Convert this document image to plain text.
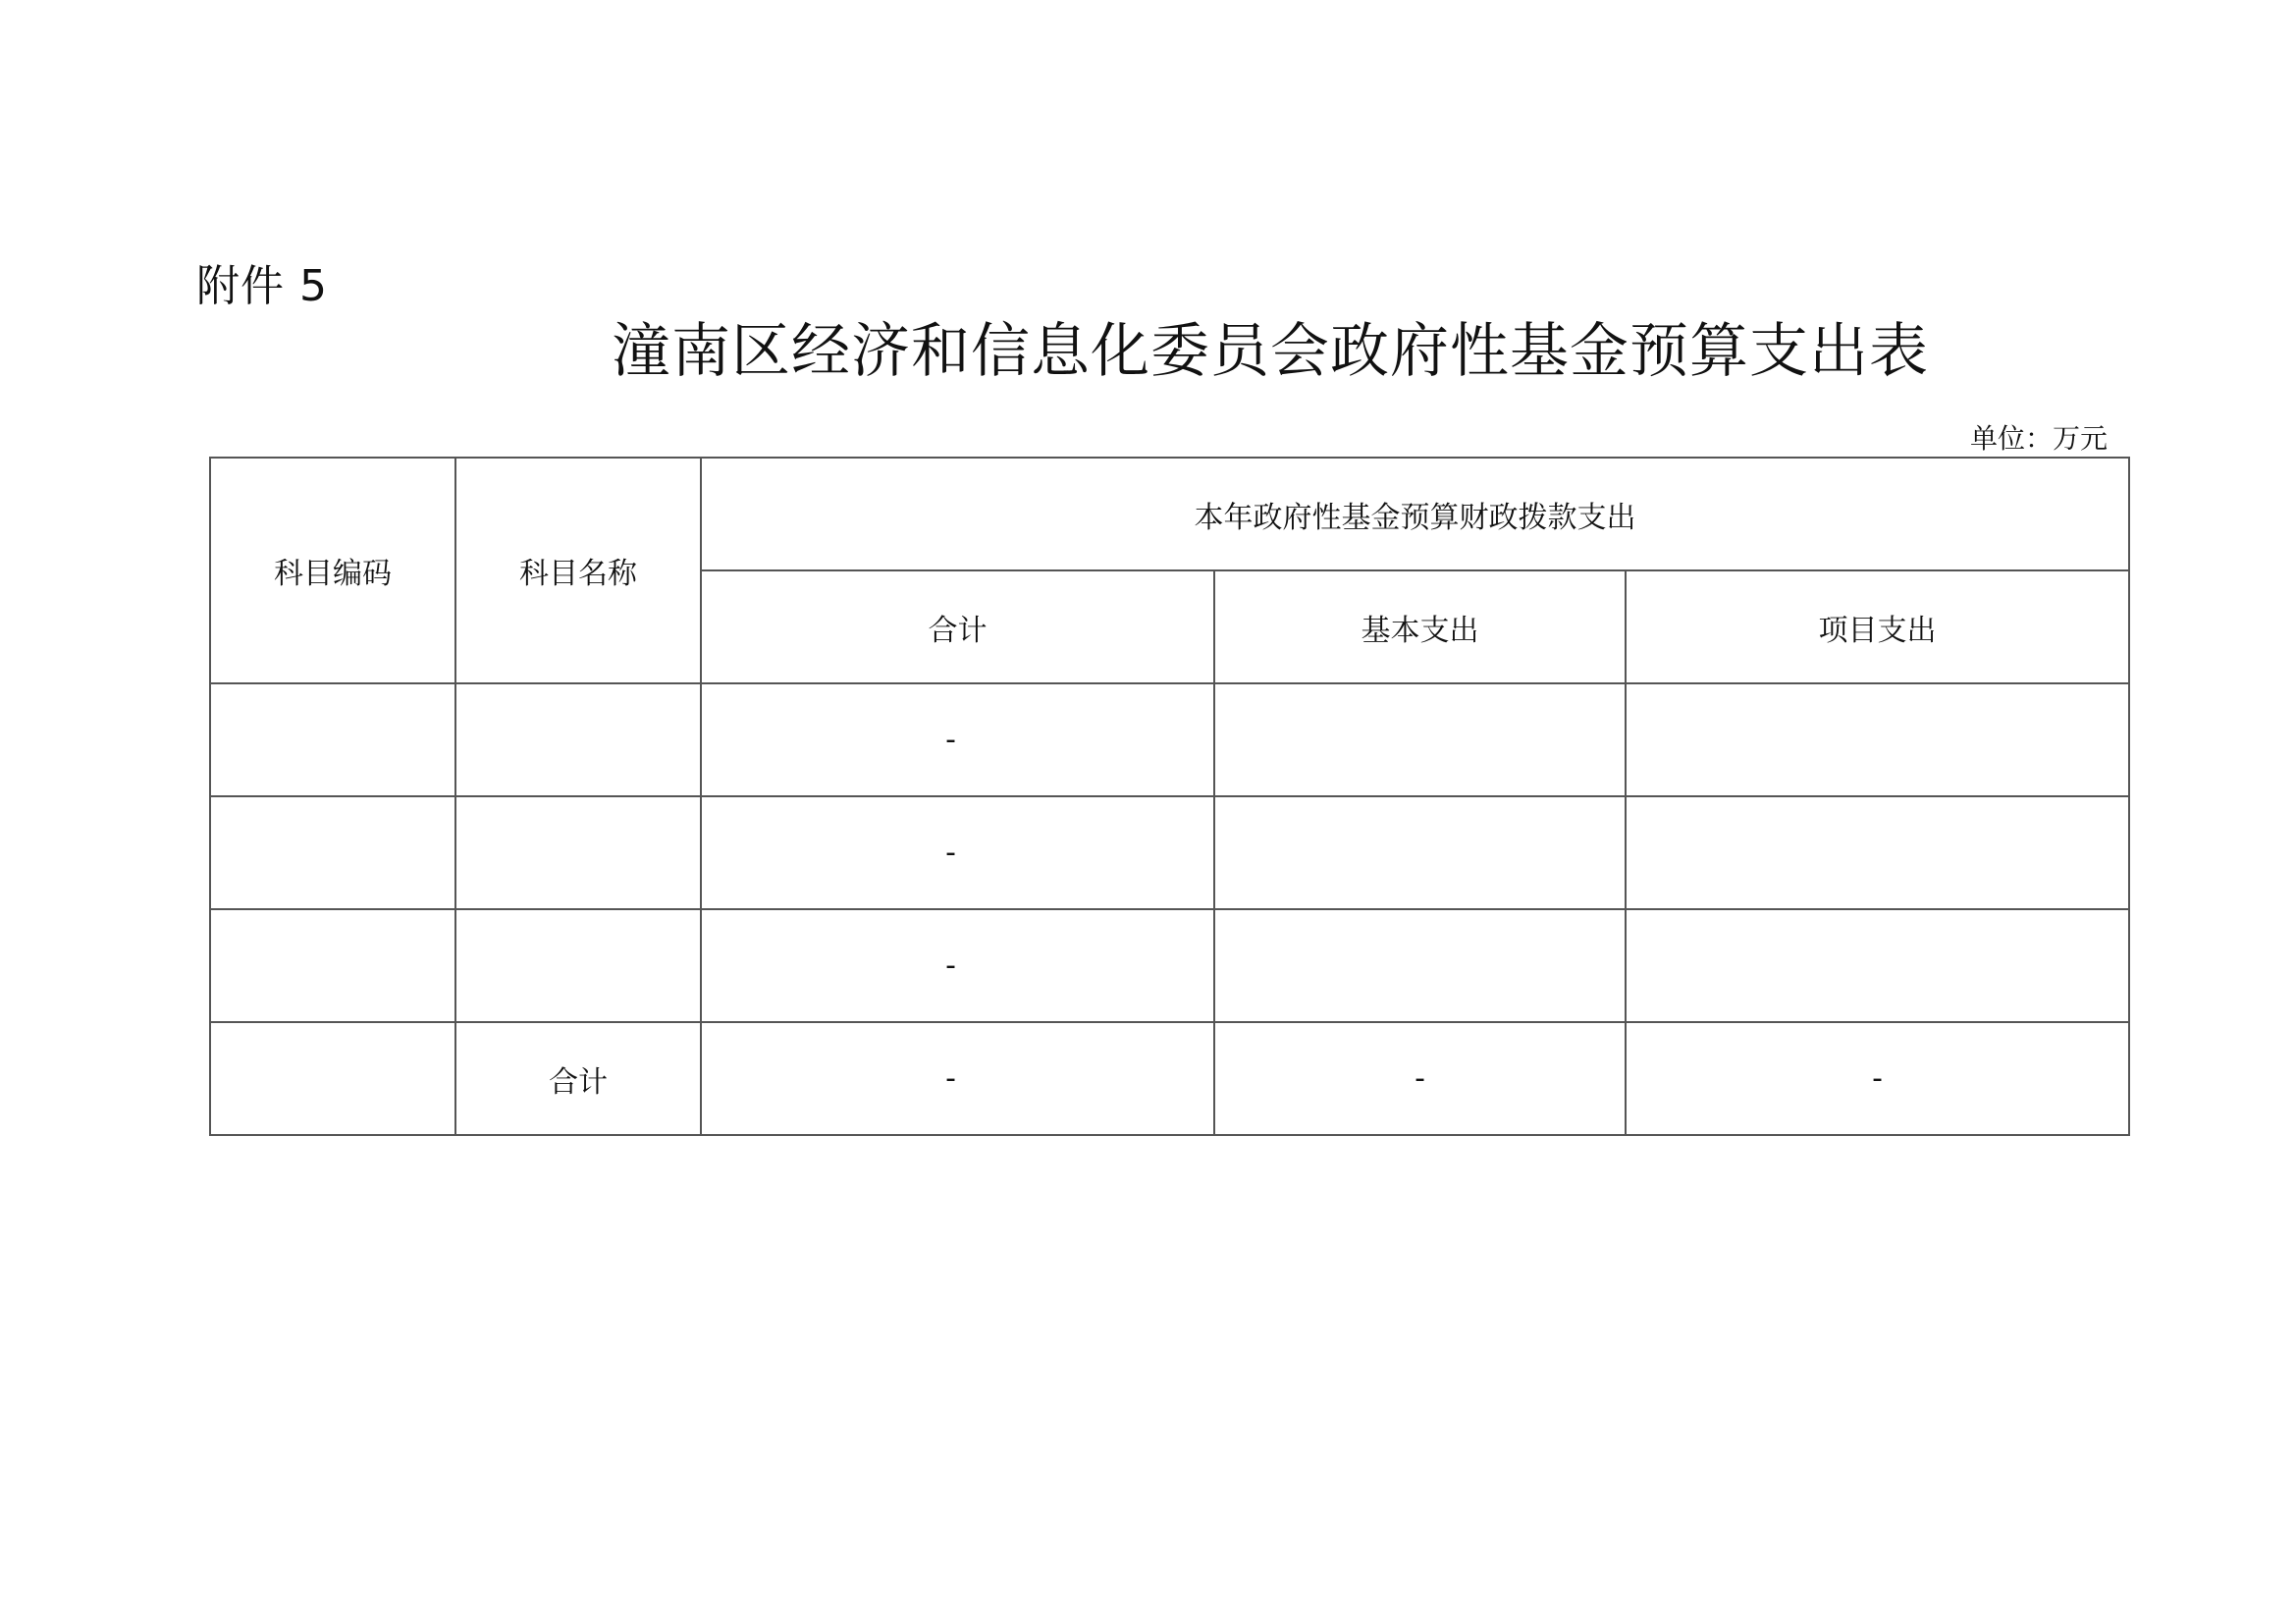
附件 5
潼南区经济和信息化委员会政府性基金预算支出表
单位：万元
科目编码	科目名称	本年政府性基金预算财政拨款支出		
		合计	基本支出	项目支出
		-		
		-		
		-		
	合计	-	-	-
